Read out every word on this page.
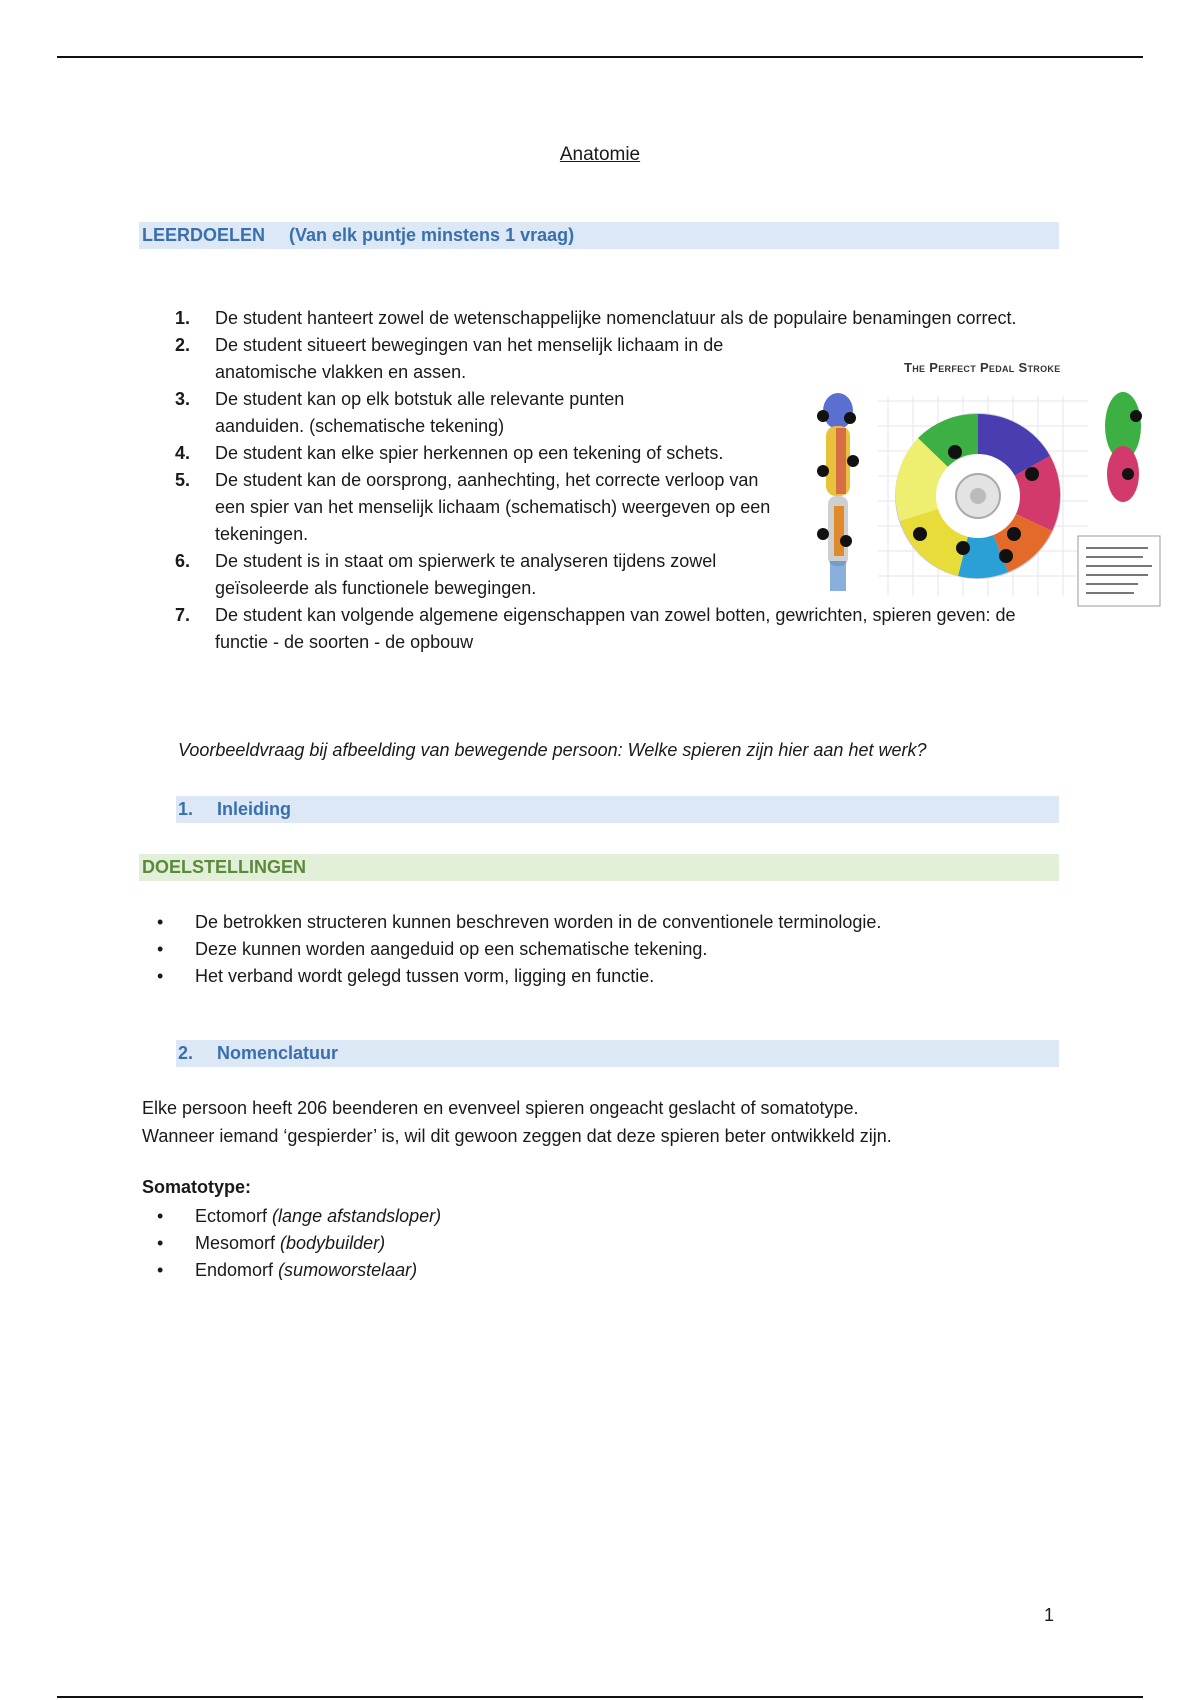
Anatomie
LEERDOELEN (Van elk puntje minstens 1 vraag)
1.	De student hanteert zowel de wetenschappelijke nomenclatuur als de populaire benamingen correct.
2.	De student situeert bewegingen van het menselijk lichaam in de anatomische vlakken en assen.
3.	De student kan op elk botstuk alle relevante punten aanduiden. (schematische tekening)
4.	De student kan elke spier herkennen op een tekening of schets.
5.	De student kan de oorsprong, aanhechting, het correcte verloop van een spier van het menselijk lichaam (schematisch) weergeven op een tekeningen.
6.	De student is in staat om spierwerk te analyseren tijdens zowel geïsoleerde als functionele bewegingen.
7.	De student kan volgende algemene eigenschappen van zowel botten, gewrichten, spieren geven: de functie - de soorten - de opbouw
The Perfect Pedal Stroke
Voorbeeldvraag bij afbeelding van bewegende persoon: Welke spieren zijn hier aan het werk?
1.	Inleiding
DOELSTELLINGEN
•	De betrokken structeren kunnen beschreven worden in de conventionele terminologie.
•	Deze kunnen worden aangeduid op een schematische tekening.
•	Het verband wordt gelegd tussen vorm, ligging en functie.
2.	Nomenclatuur
Elke persoon heeft 206 beenderen en evenveel spieren ongeacht geslacht of somatotype.
Wanneer iemand ‘gespierder’ is, wil dit gewoon zeggen dat deze spieren beter ontwikkeld zijn.
Somatotype:
•	Ectomorf
(lange afstandsloper)
•	Mesomorf
(bodybuilder)
•	Endomorf
(sumoworstelaar)
1
